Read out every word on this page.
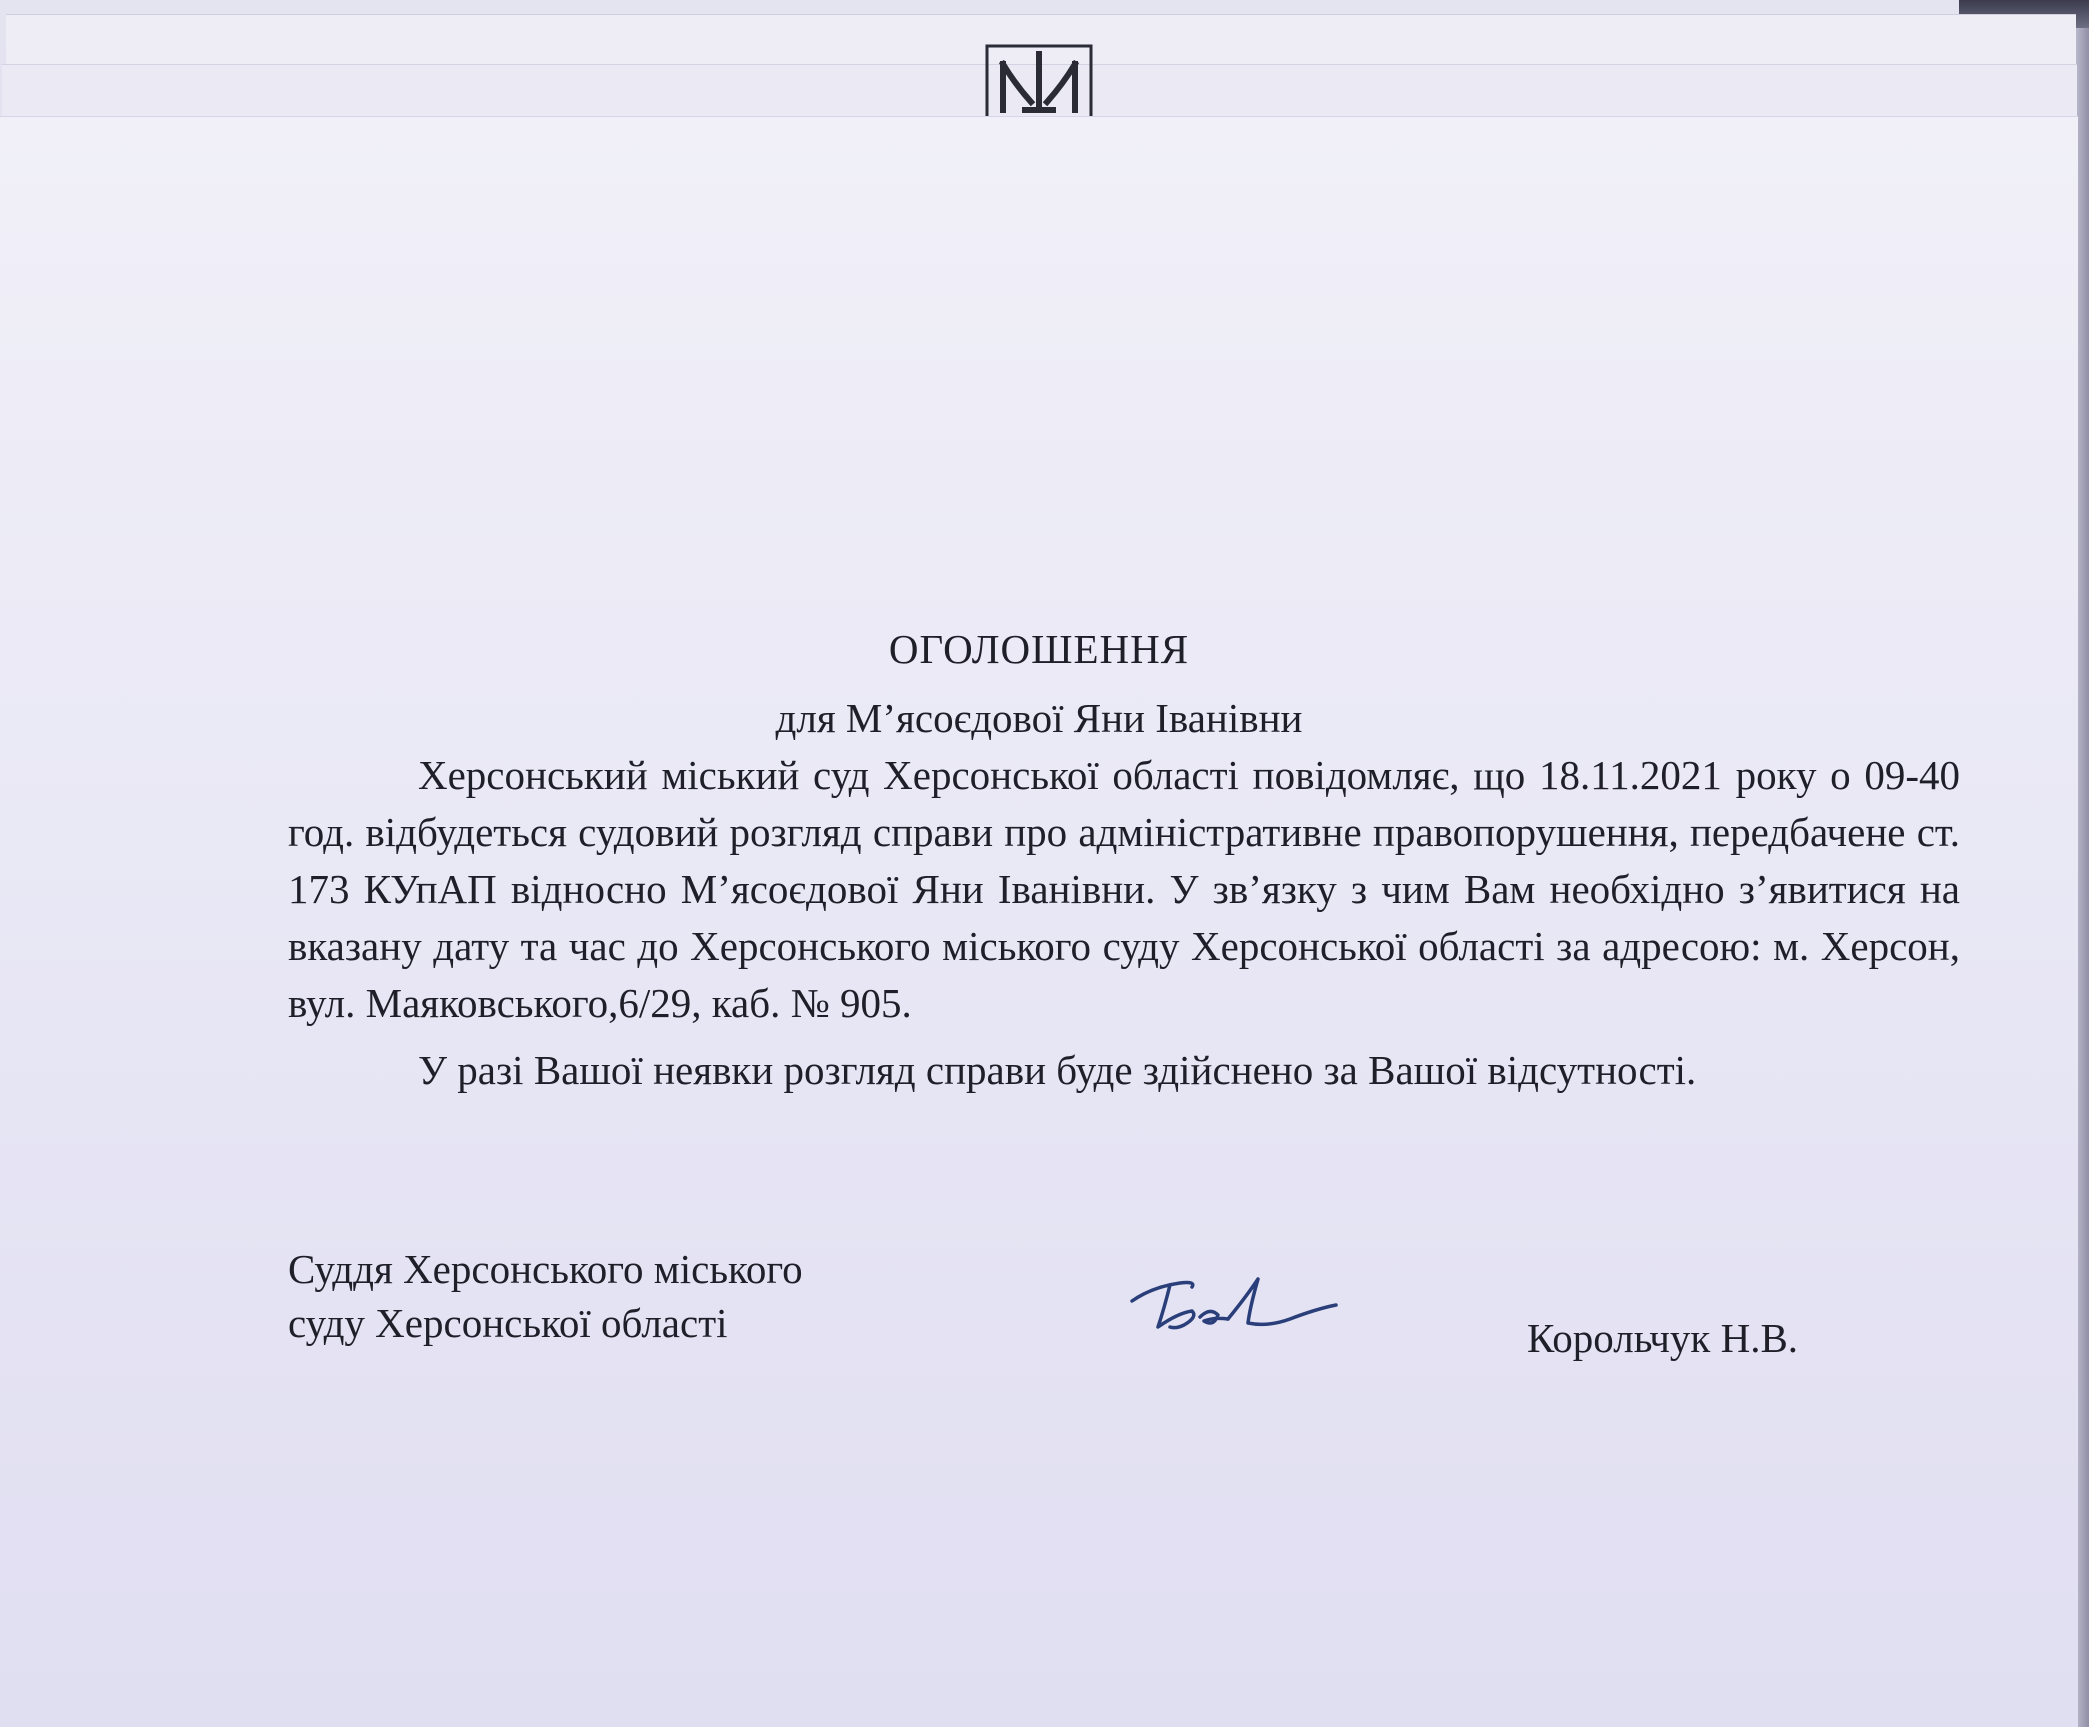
ОГОЛОШЕННЯ
для М’ясоєдової Яни Іванівни

Херсонський міський суд Херсонської області повідомляє, що 18.11.2021 року о 09-40 год. відбудеться судовий розгляд справи про адміністративне правопорушення, передбачене ст. 173 КУпАП відносно М’ясоєдової Яни Іванівни. У зв’язку з чим Вам необхідно з’явитися на вказану дату та час до Херсонського міського суду Херсонської області за адресою: м. Херсон, вул. Маяковського,6/29, каб. № 905.

У разі Вашої неявки розгляд справи буде здійснено за Вашої відсутності.

Суддя Херсонського міського
суду Херсонської області	Корольчук Н.В.
